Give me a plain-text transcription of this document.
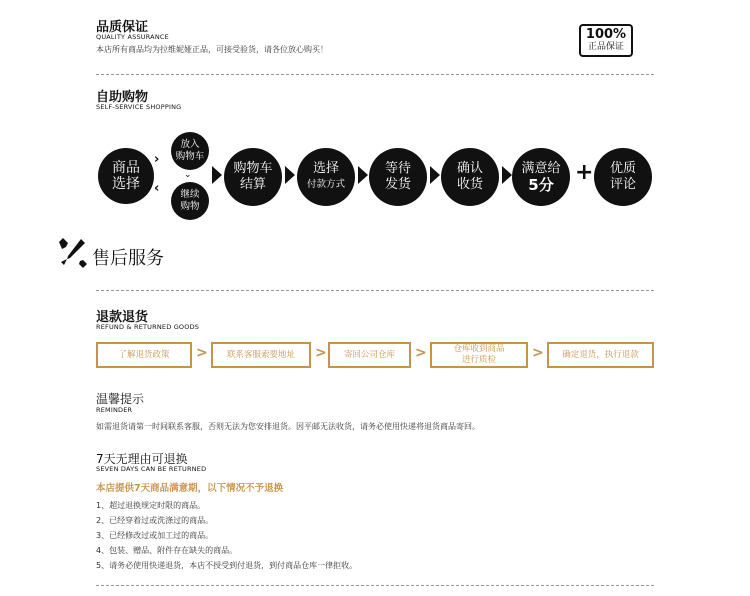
品质保证
QUALITY ASSURANCE
本店所有商品均为拉维妮娅正品，可接受验货，请各位放心购买！
100%
正品保证
自助购物
SELF-SERVICE SHOPPING
商品
选择
›
‹
放入
购物车
⌄
继续
购物
购物车
结算
选择
付款方式
等待
发货
确认
收货
满意给
5分 + 优质
评论
售后服务
退款退货
REFUND & RETURNED GOODS
了解退货政策	>	联系客服索要地址	>	寄回公司仓库	>	仓库收到商品
进行质检	>	确定退货，执行退款
温馨提示
REMINDER
如需退货请第一时间联系客服，否则无法为您安排退货。因平邮无法收货，请务必使用快递将退货商品寄回。
7天无理由可退换
SEVEN DAYS CAN BE RETURNED
本店提供7天商品满意期，以下情况不予退换
1、超过退换规定时限的商品。
2、已经穿着过或洗涤过的商品。
3、已经修改过或加工过的商品。
4、包装、赠品、附件存在缺失的商品。
5、请务必使用快递退货，本店不授受到付退货，到付商品仓库一律拒收。
